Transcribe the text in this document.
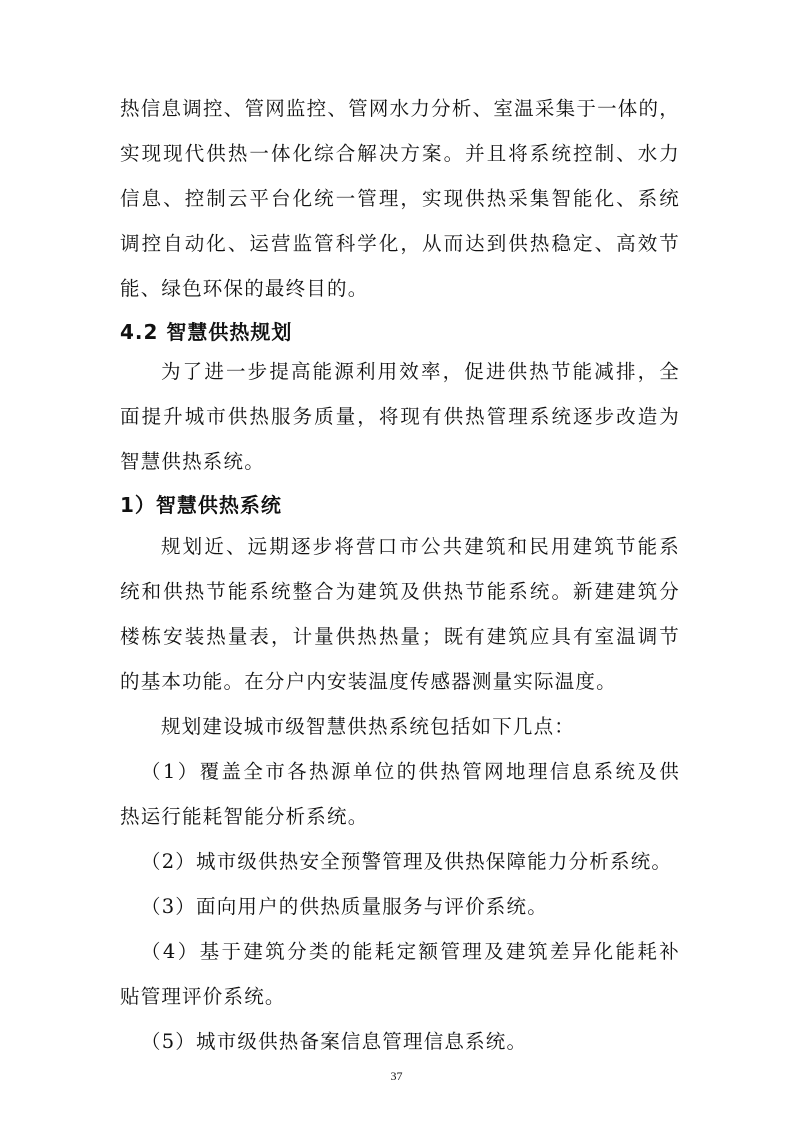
热信息调控、管网监控、管网水力分析、室温采集于一体的，
实现现代供热一体化综合解决方案。并且将系统控制、水力
信息、控制云平台化统一管理，实现供热采集智能化、系统
调控自动化、运营监管科学化，从而达到供热稳定、高效节
能、绿色环保的最终目的。
4.2 智慧供热规划
为了进一步提高能源利用效率，促进供热节能减排，全
面提升城市供热服务质量，将现有供热管理系统逐步改造为
智慧供热系统。
1）智慧供热系统
规划近、远期逐步将营口市公共建筑和民用建筑节能系
统和供热节能系统整合为建筑及供热节能系统。新建建筑分
楼栋安装热量表，计量供热热量；既有建筑应具有室温调节
的基本功能。在分户内安装温度传感器测量实际温度。
规划建设城市级智慧供热系统包括如下几点：
（1）覆盖全市各热源单位的供热管网地理信息系统及供
热运行能耗智能分析系统。
（2）城市级供热安全预警管理及供热保障能力分析系统。
（3）面向用户的供热质量服务与评价系统。
（4）基于建筑分类的能耗定额管理及建筑差异化能耗补
贴管理评价系统。
（5）城市级供热备案信息管理信息系统。
37
